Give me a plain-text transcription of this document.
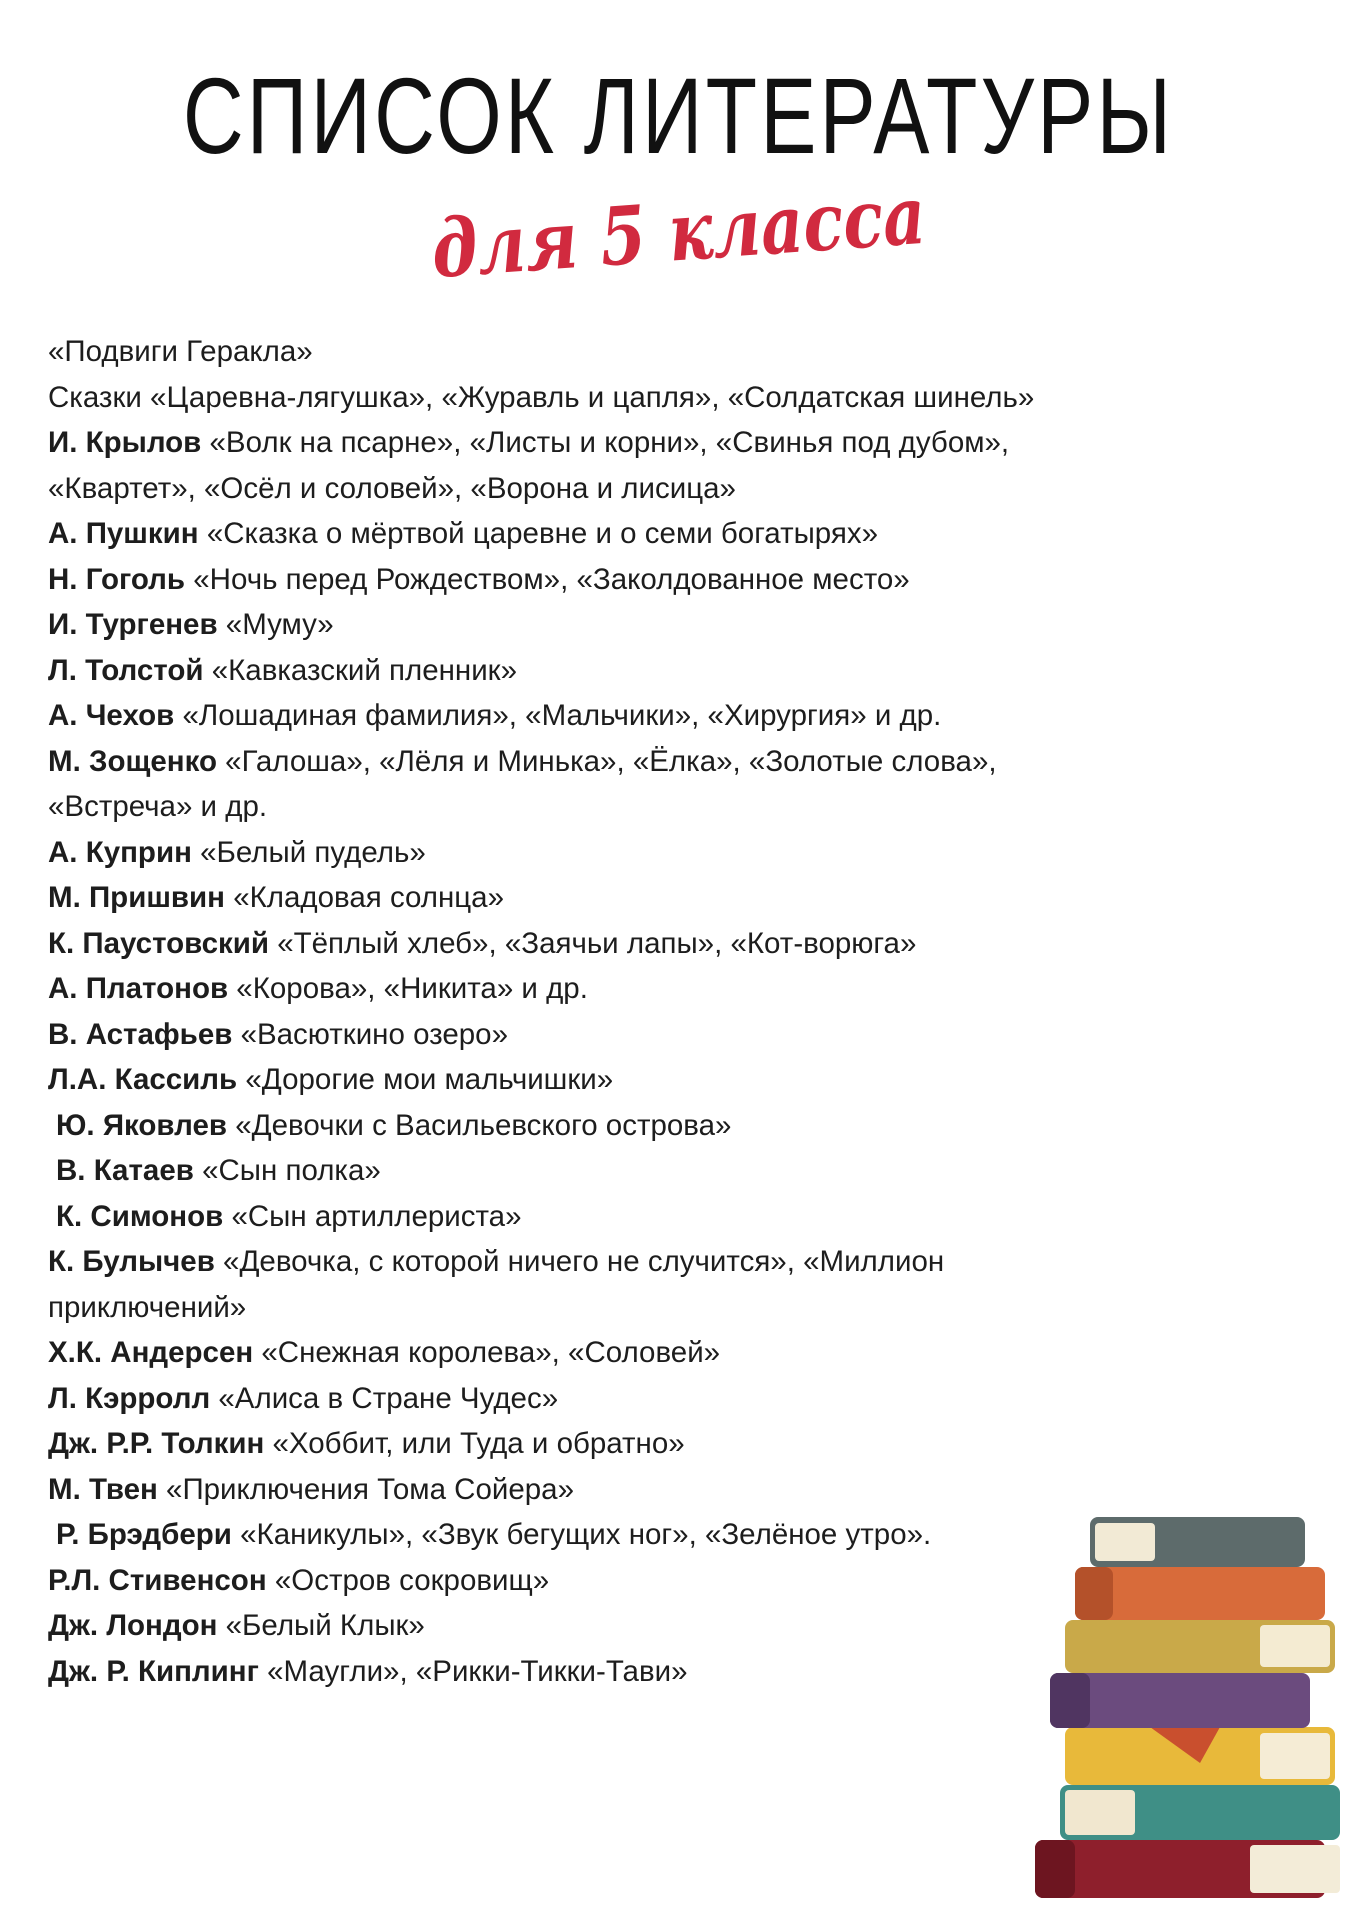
СПИСОК ЛИТЕРАТУРЫ
для 5 класса
«Подвиги Геракла»
Сказки «Царевна-лягушка», «Журавль и цапля», «Солдатская шинель»
И. Крылов «Волк на псарне», «Листы и корни», «Свинья под дубом», «Квартет», «Осёл и соловей», «Ворона и лисица»
А. Пушкин «Сказка о мёртвой царевне и о семи богатырях»
Н. Гоголь «Ночь перед Рождеством», «Заколдованное место»
И. Тургенев «Муму»
Л. Толстой «Кавказский пленник»
А. Чехов «Лошадиная фамилия», «Мальчики», «Хирургия» и др.
М. Зощенко «Галоша», «Лёля и Минька», «Ёлка», «Золотые слова», «Встреча» и др.
А. Куприн «Белый пудель»
М. Пришвин «Кладовая солнца»
К. Паустовский «Тёплый хлеб», «Заячьи лапы», «Кот-ворюга»
А. Платонов «Корова», «Никита» и др.
В. Астафьев «Васюткино озеро»
Л.А. Кассиль «Дорогие мои мальчишки»
Ю. Яковлев «Девочки с Васильевского острова»
В. Катаев «Сын полка»
К. Симонов «Сын артиллериста»
К. Булычев «Девочка, с которой ничего не случится», «Миллион приключений»
Х.К. Андерсен «Снежная королева», «Соловей»
Л. Кэрролл «Алиса в Стране Чудес»
Дж. Р.Р. Толкин «Хоббит, или Туда и обратно»
М. Твен «Приключения Тома Сойера»
Р. Брэдбери «Каникулы», «Звук бегущих ног», «Зелёное утро».
Р.Л. Стивенсон «Остров сокровищ»
Дж. Лондон «Белый Клык»
Дж. Р. Киплинг «Маугли», «Рикки-Тикки-Тави»
